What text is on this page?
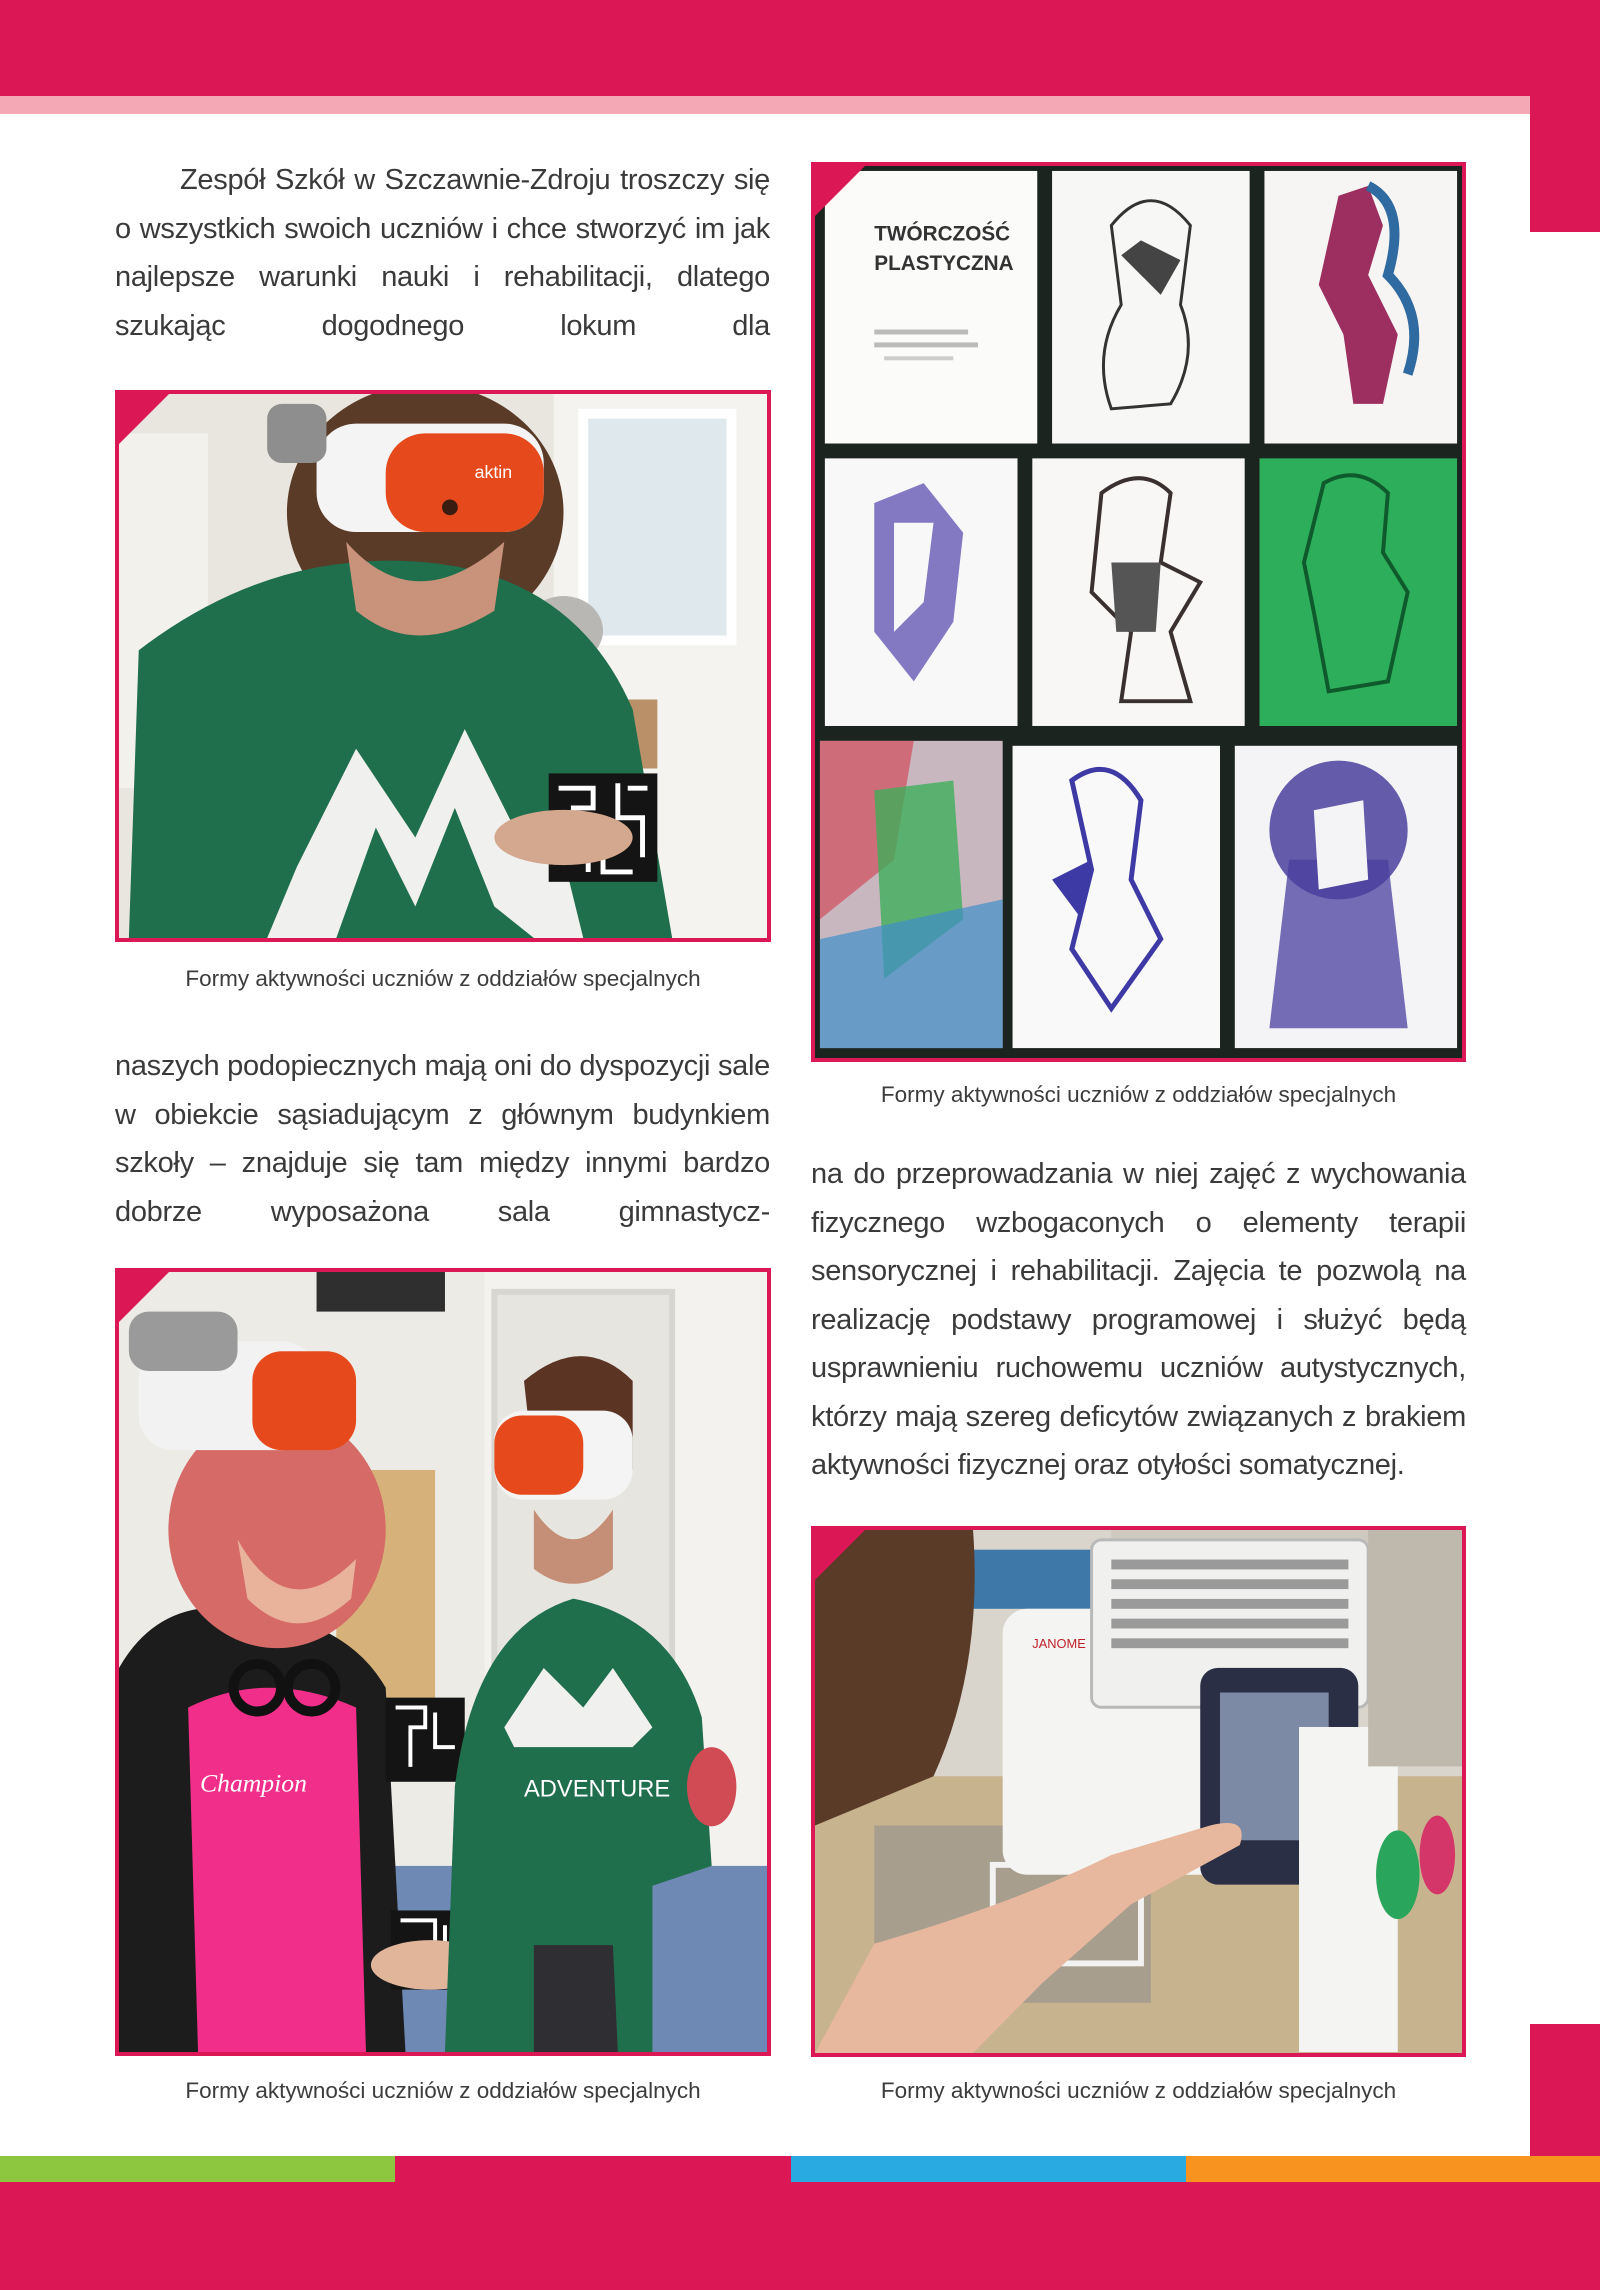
Zespół Szkół w Szczawnie-Zdroju troszczy się o wszystkich swoich uczniów i chce stworzyć im jak najlepsze warunki nauki i rehabilitacji, dlatego szukając dogodnego lokum dla
naszych podopiecznych mają oni do dyspozycji sale w obiekcie sąsiadującym z głównym budynkiem szkoły – znajduje się tam między innymi bardzo dobrze wyposażona sala gimnastycz-
na do przeprowadzania w niej zajęć z wychowania fizycznego wzbogaconych o elementy terapii sensorycznej i rehabilitacji. Zajęcia te pozwolą na realizację podstawy programowej i służyć będą usprawnieniu ruchowemu uczniów autystycznych, którzy mają szereg deficytów związanych z brakiem aktywności fizycznej oraz otyłości somatycznej.
aktin
Formy aktywności uczniów z oddziałów specjalnych
TWÓRCZOŚĆ
PLASTYCZNA
Formy aktywności uczniów z oddziałów specjalnych
Champion	ADVENTURE
Formy aktywności uczniów z oddziałów specjalnych
JANOME
Formy aktywności uczniów z oddziałów specjalnych
